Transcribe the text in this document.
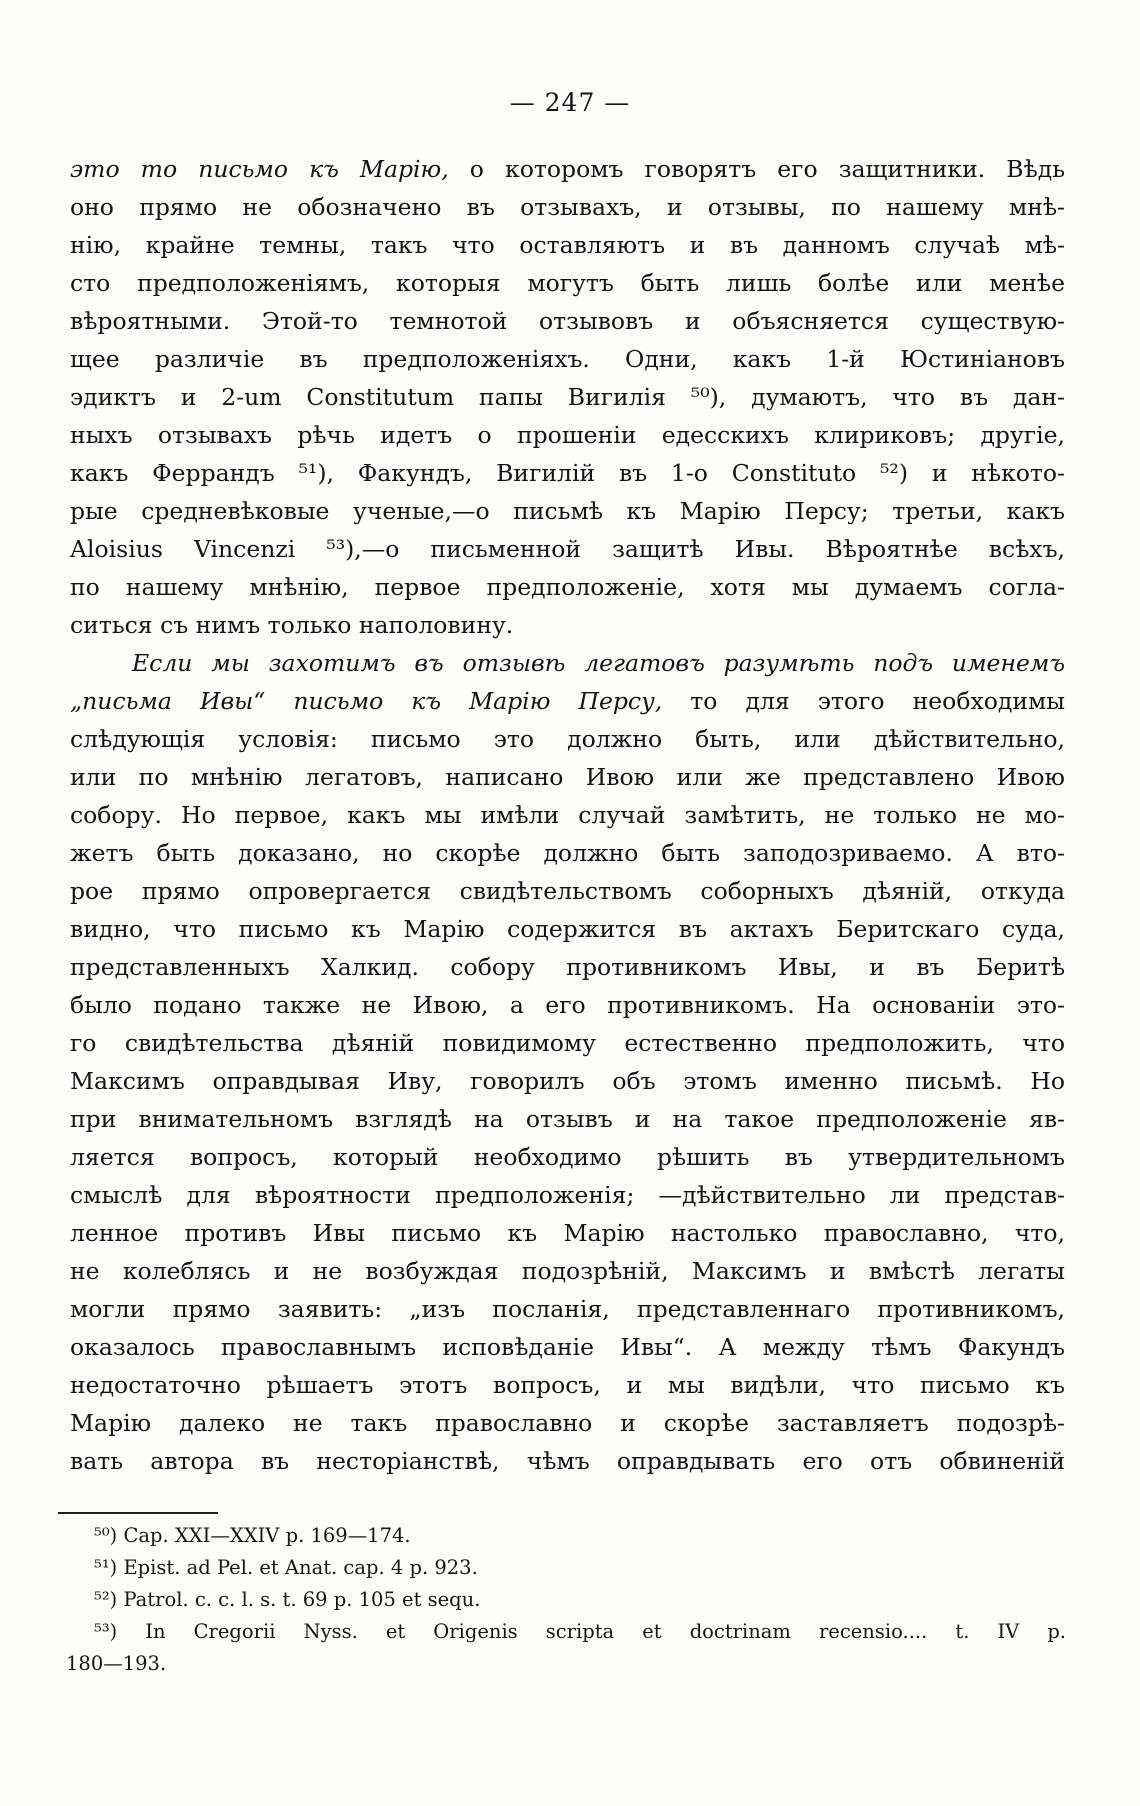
— 247 —
это то письмо къ Марію, о которомъ говорятъ его защитники. Вѣдь
оно прямо не обозначено въ отзывахъ, и отзывы, по нашему мнѣ-
нію, крайне темны, такъ что оставляютъ и въ данномъ случаѣ мѣ-
сто предположеніямъ, которыя могутъ быть лишь болѣе или менѣе
вѣроятными. Этой-то темнотой отзывовъ и объясняется существую-
щее различіе въ предположеніяхъ. Одни, какъ 1-й Юстиніановъ
эдиктъ и 2-um Constitutum папы Вигилія ⁵⁰), думаютъ, что въ дан-
ныхъ отзывахъ рѣчь идетъ о прошеніи едесскихъ клириковъ; другіе,
какъ Феррандъ ⁵¹), Факундъ, Вигилій въ 1-о Constituto ⁵²) и нѣкото-
рые средневѣковые ученые,—о письмѣ къ Марію Персу; третьи, какъ
Aloisius Vincenzi ⁵³),—о письменной защитѣ Ивы. Вѣроятнѣе всѣхъ,
по нашему мнѣнію, первое предположеніе, хотя мы думаемъ согла-
ситься съ нимъ только наполовину.
Если мы захотимъ въ отзывѣ легатовъ разумѣть подъ именемъ
„письма Ивы“ письмо къ Марію Персу, то для этого необходимы
слѣдующія условія: письмо это должно быть, или дѣйствительно,
или по мнѣнію легатовъ, написано Ивою или же представлено Ивою
собору. Но первое, какъ мы имѣли случай замѣтить, не только не мо-
жетъ быть доказано, но скорѣе должно быть заподозриваемо. А вто-
рое прямо опровергается свидѣтельствомъ соборныхъ дѣяній, откуда
видно, что письмо къ Марію содержится въ актахъ Беритскаго суда,
представленныхъ Халкид. собору противникомъ Ивы, и въ Беритѣ
было подано также не Ивою, а его противникомъ. На основаніи это-
го свидѣтельства дѣяній повидимому естественно предположить, что
Максимъ оправдывая Иву, говорилъ объ этомъ именно письмѣ. Но
при внимательномъ взглядѣ на отзывъ и на такое предположеніе яв-
ляется вопросъ, который необходимо рѣшить въ утвердительномъ
смыслѣ для вѣроятности предположенія; —дѣйствительно ли представ-
ленное противъ Ивы письмо къ Марію настолько православно, что,
не колеблясь и не возбуждая подозрѣній, Максимъ и вмѣстѣ легаты
могли прямо заявить: „изъ посланія, представленнаго противникомъ,
оказалось православнымъ исповѣданіе Ивы“. А между тѣмъ Факундъ
недостаточно рѣшаетъ этотъ вопросъ, и мы видѣли, что письмо къ
Марію далеко не такъ православно и скорѣе заставляетъ подозрѣ-
вать автора въ несторіанствѣ, чѣмъ оправдывать его отъ обвиненій
⁵⁰) Cap. XXI—XXIV p. 169—174.
⁵¹) Epist. ad Pel. et Anat. cap. 4 p. 923.
⁵²) Patrol. c. c. l. s. t. 69 p. 105 et sequ.
⁵³) In Cregorii Nyss. et Origenis scripta et doctrinam recensio.... t. IV p.
180—193.
